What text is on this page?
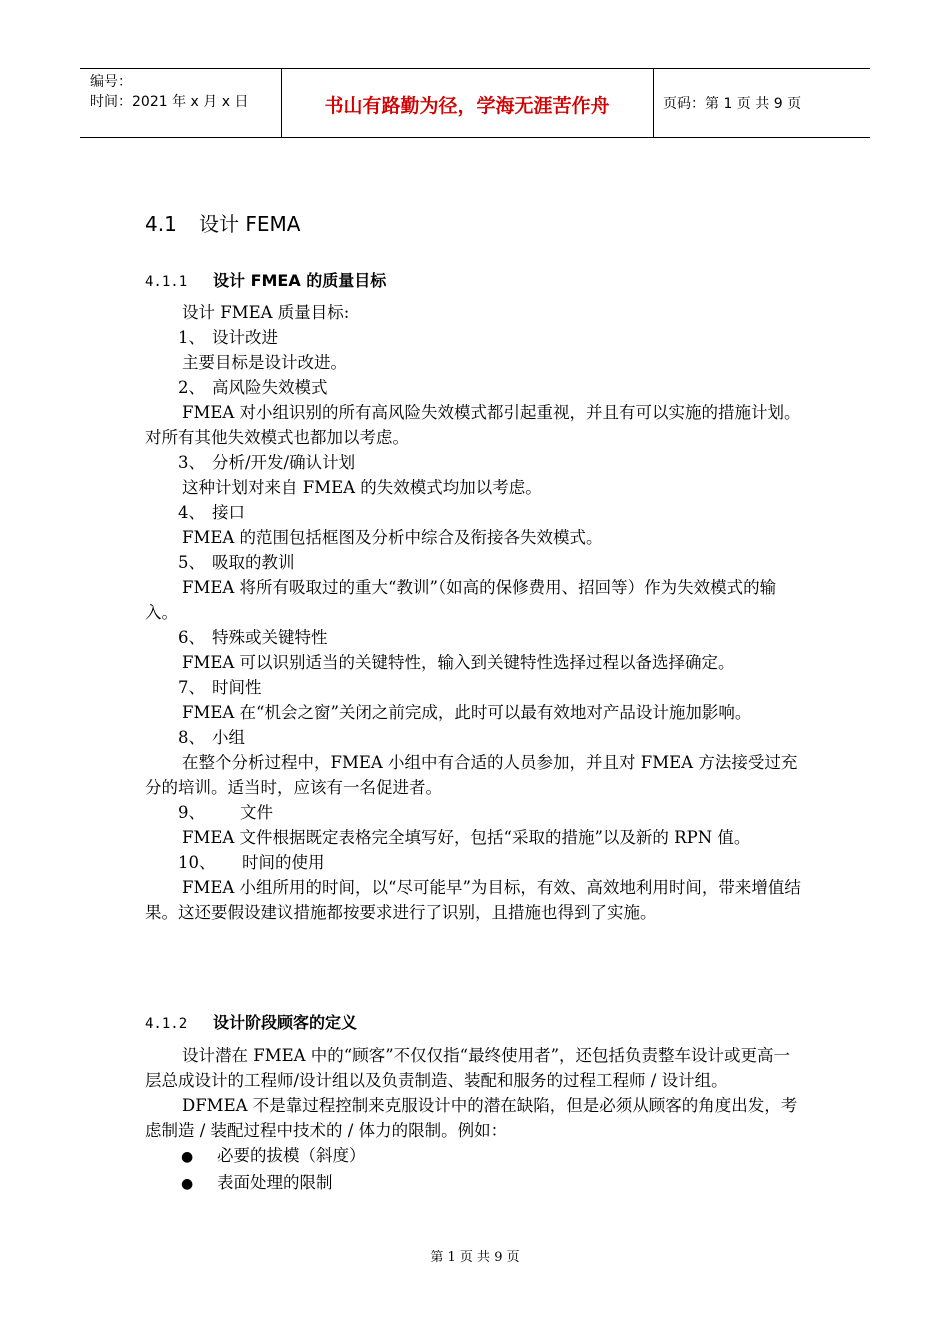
编号：
时间：2021 年 x 月 x 日	书山有路勤为径，学海无涯苦作舟	页码：第 1 页 共 9 页
4.1 设计 FEMA
4.1.1 设计 FMEA 的质量目标

设计 FMEA 质量目标:

1、 设计改进

主要目标是设计改进。

2、 高风险失效模式

FMEA 对小组识别的所有高风险失效模式都引起重视，并且有可以实施的措施计划。对所有其他失效模式也都加以考虑。

3、 分析/开发/确认计划

这种计划对来自 FMEA 的失效模式均加以考虑。

4、 接口

FMEA 的范围包括框图及分析中综合及衔接各失效模式。

5、 吸取的教训

FMEA 将所有吸取过的重大“教训”（如高的保修费用、招回等）作为失效模式的输入。

6、 特殊或关键特性

FMEA 可以识别适当的关键特性，输入到关键特性选择过程以备选择确定。

7、 时间性

FMEA 在“机会之窗”关闭之前完成，此时可以最有效地对产品设计施加影响。

8、 小组

在整个分析过程中，FMEA 小组中有合适的人员参加，并且对 FMEA 方法接受过充分的培训。适当时，应该有一名促进者。

9、 文件

FMEA 文件根据既定表格完全填写好，包括“采取的措施”以及新的 RPN 值。

10、 时间的使用

FMEA 小组所用的时间，以“尽可能早”为目标，有效、高效地利用时间，带来增值结果。这还要假设建议措施都按要求进行了识别，且措施也得到了实施。

4.1.2 设计阶段顾客的定义

设计潜在 FMEA 中的“顾客”不仅仅指“最终使用者”，还包括负责整车设计或更高一层总成设计的工程师/设计组以及负责制造、装配和服务的过程工程师 / 设计组。

DFMEA 不是靠过程控制来克服设计中的潜在缺陷，但是必须从顾客的角度出发，考虑制造 / 装配过程中技术的 / 体力的限制。例如：

● 必要的拔模（斜度）

● 表面处理的限制

第 1 页 共 9 页
